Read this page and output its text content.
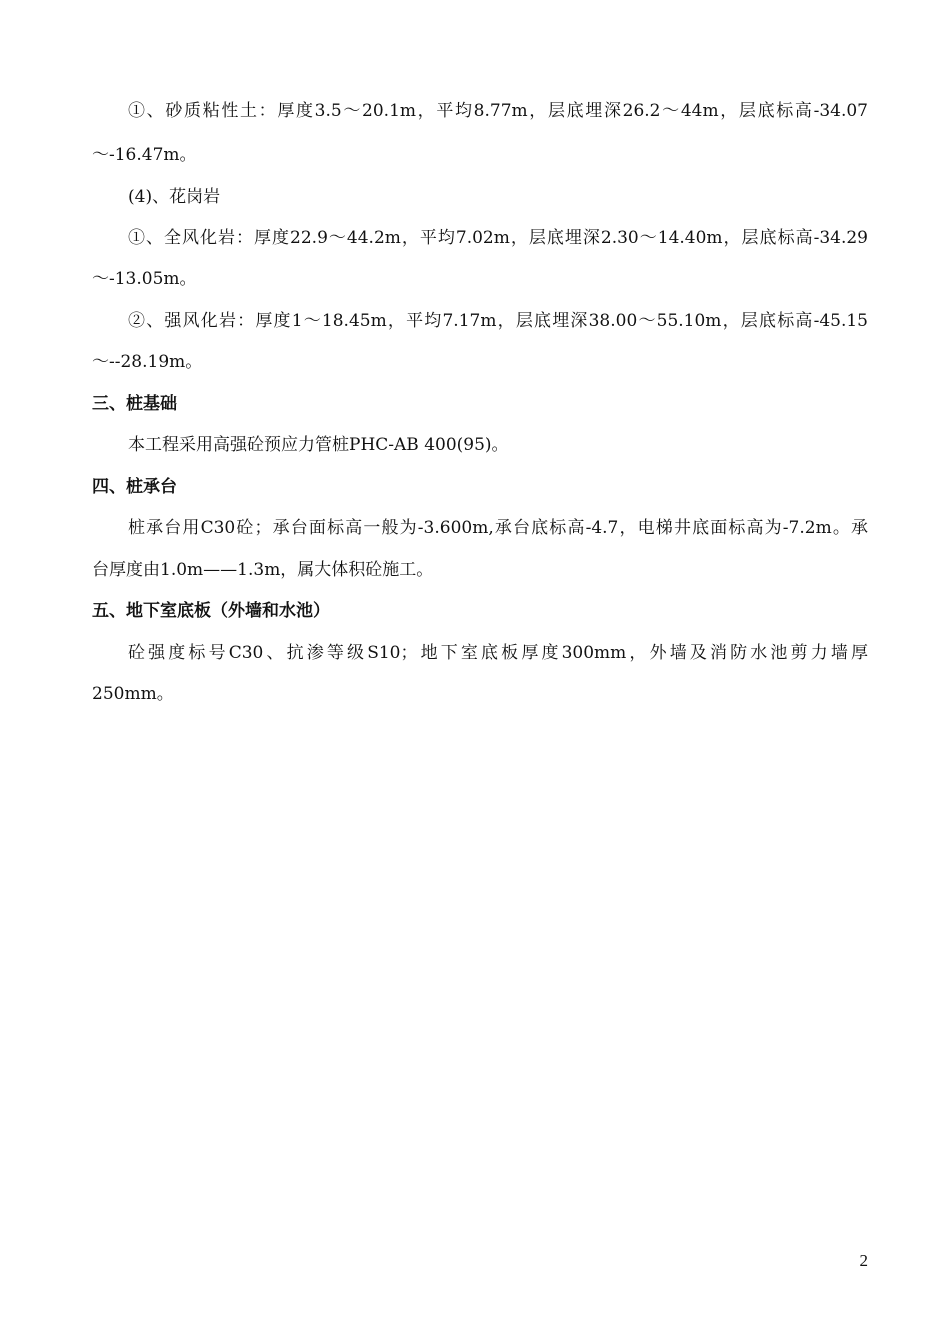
①、砂质粘性土：厚度3.5～20.1m，平均8.77m，层底埋深26.2～44m，层底标高-34.07
～-16.47m。
(4)、花岗岩
①、全风化岩：厚度22.9～44.2m，平均7.02m，层底埋深2.30～14.40m，层底标高-34.29
～-13.05m。
②、强风化岩：厚度1～18.45m，平均7.17m，层底埋深38.00～55.10m，层底标高-45.15
～--28.19m。
三、桩基础
本工程采用高强砼预应力管桩PHC-AB 400(95)。
四、桩承台
桩承台用C30砼；承台面标高一般为-3.600m,承台底标高-4.7，电梯井底面标高为-7.2m。承
台厚度由1.0m——1.3m，属大体积砼施工。
五、地下室底板（外墙和水池）
砼强度标号C30、抗渗等级S10；地下室底板厚度300mm，外墙及消防水池剪力墙厚
250mm。
2
